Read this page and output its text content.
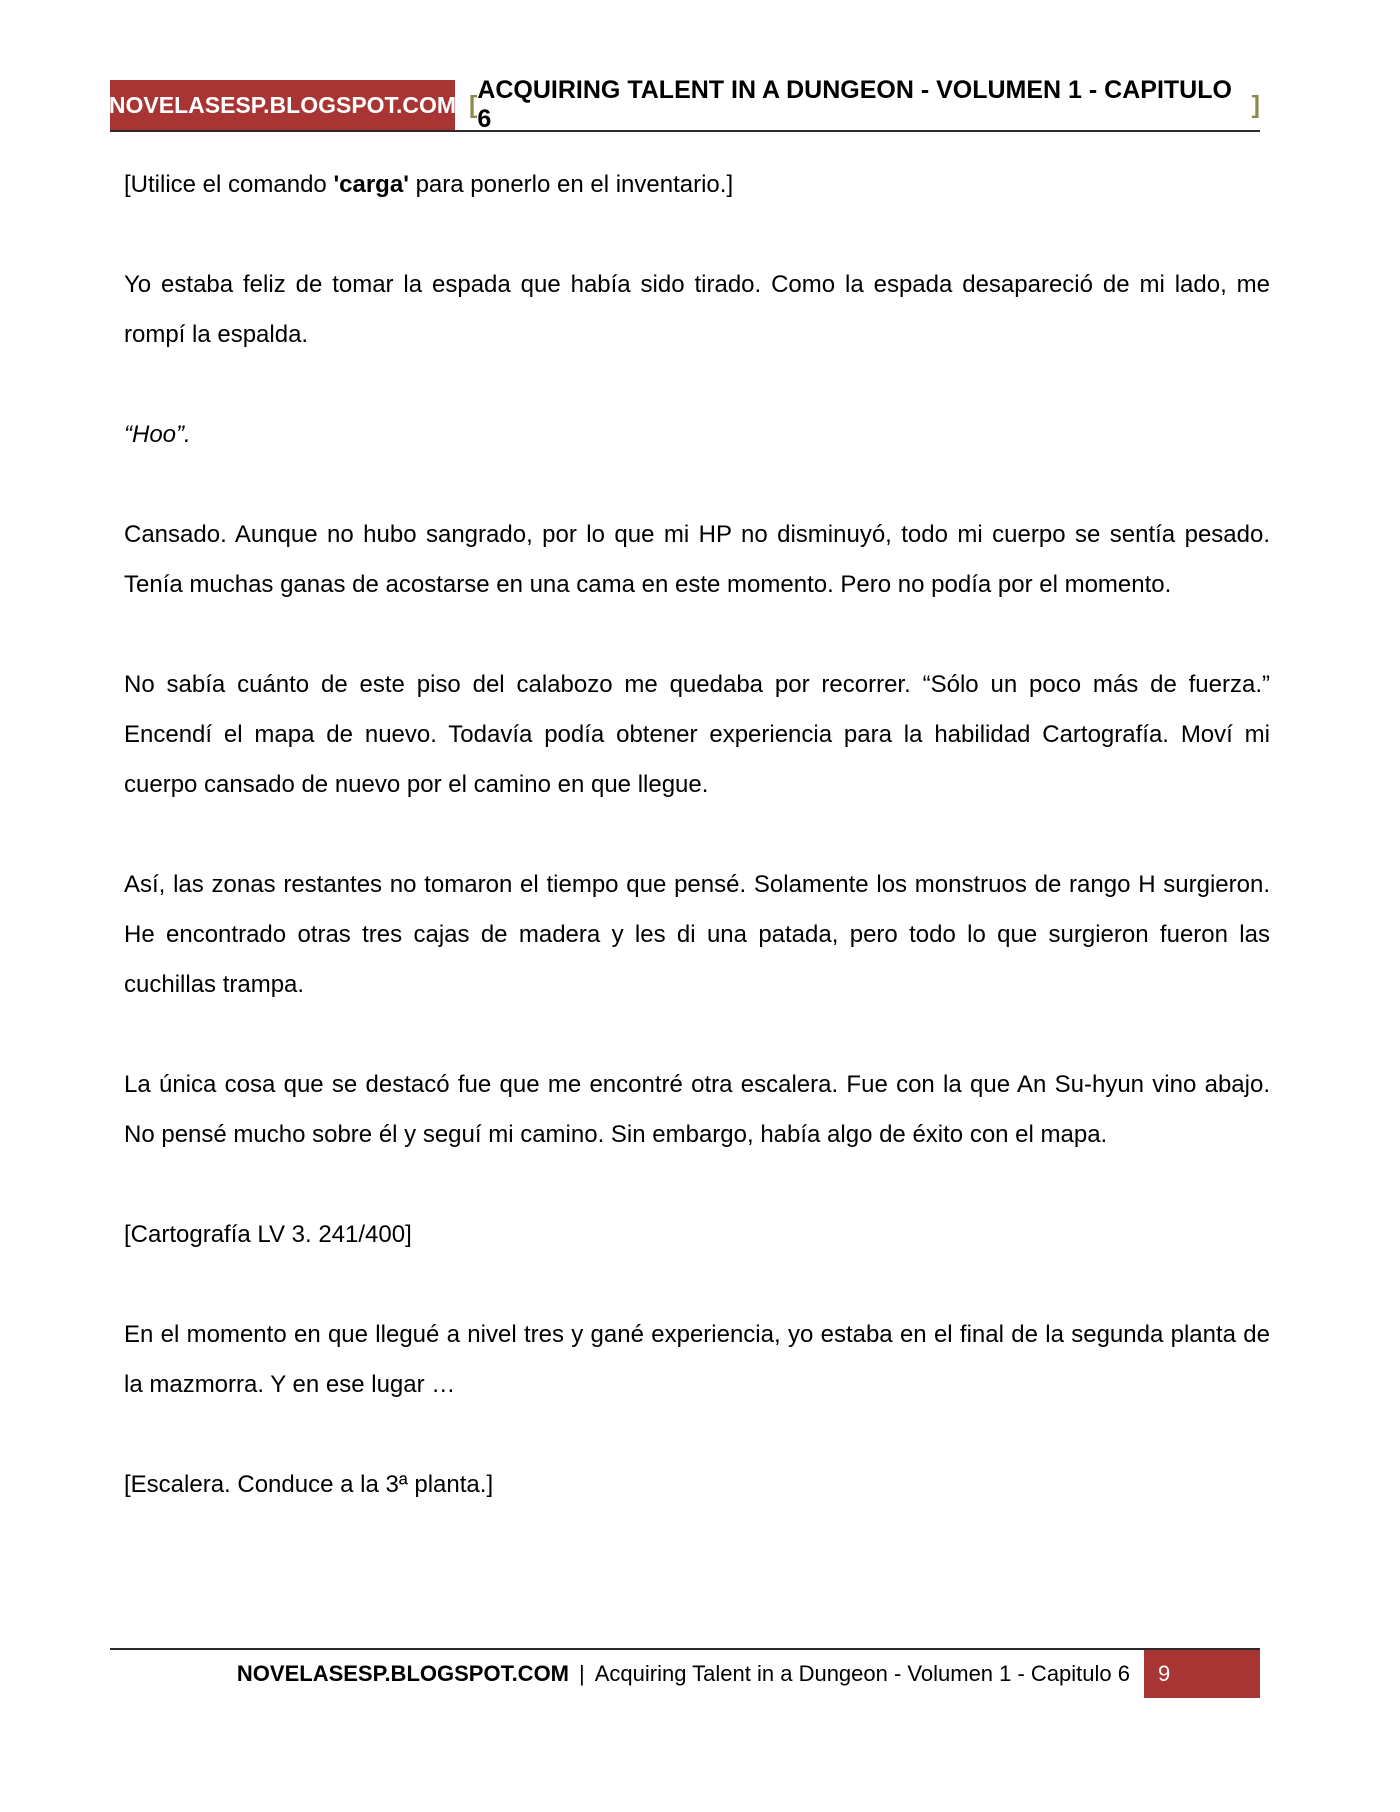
NOVELASESP.BLOGSPOT.COM [
ACQUIRING TALENT IN A DUNGEON - VOLUMEN 1 - CAPITULO 6
]

[Utilice el comando 'carga' para ponerlo en el inventario.]

Yo estaba feliz de tomar la espada que había sido tirado. Como la espada desapareció de mi lado, me rompí la espalda.

“Hoo”.

Cansado. Aunque no hubo sangrado, por lo que mi HP no disminuyó, todo mi cuerpo se sentía pesado. Tenía muchas ganas de acostarse en una cama en este momento. Pero no podía por el momento.

No sabía cuánto de este piso del calabozo me quedaba por recorrer. “Sólo un poco más de fuerza.” Encendí el mapa de nuevo. Todavía podía obtener experiencia para la habilidad Cartografía. Moví mi cuerpo cansado de nuevo por el camino en que llegue.

Así, las zonas restantes no tomaron el tiempo que pensé. Solamente los monstruos de rango H surgieron. He encontrado otras tres cajas de madera y les di una patada, pero todo lo que surgieron fueron las cuchillas trampa.

La única cosa que se destacó fue que me encontré otra escalera. Fue con la que An Su-hyun vino abajo. No pensé mucho sobre él y seguí mi camino. Sin embargo, había algo de éxito con el mapa.

[Cartografía LV 3. 241/400]

En el momento en que llegué a nivel tres y gané experiencia, yo estaba en el final de la segunda planta de la mazmorra. Y en ese lugar …

[Escalera. Conduce a la 3ª planta.]

NOVELASESP.BLOGSPOT.COM | Acquiring Talent in a Dungeon - Volumen 1 - Capitulo 6	9
